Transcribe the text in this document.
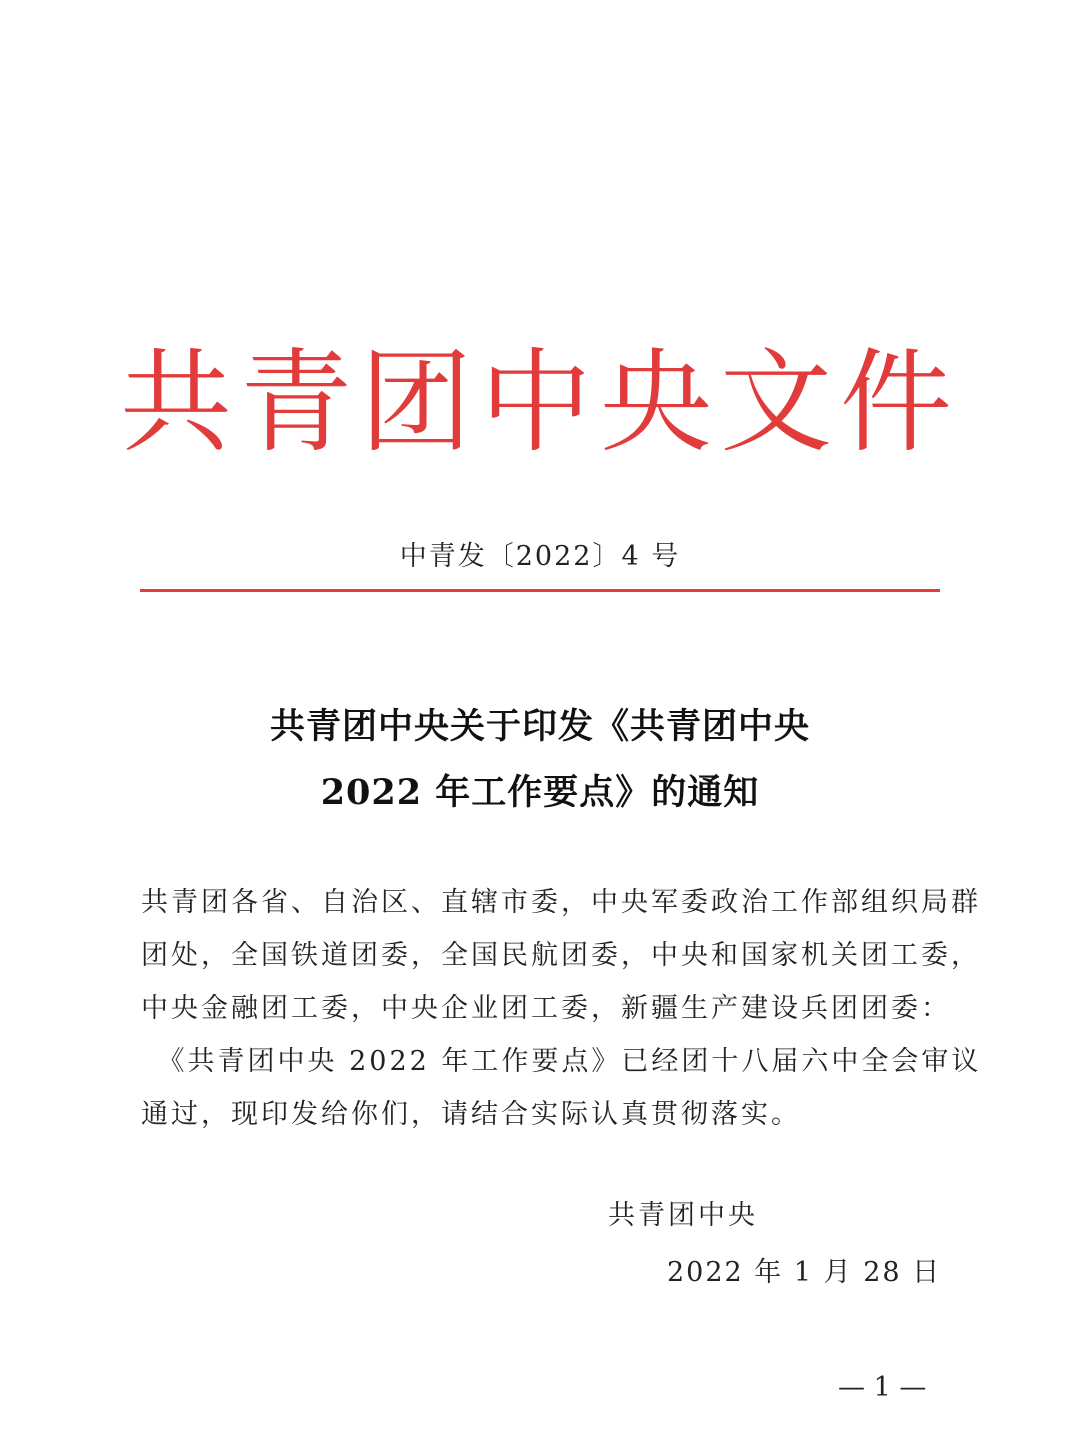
共青团中央文件
中青发〔2022〕4 号
共青团中央关于印发《共青团中央
2022 年工作要点》的通知

共青团各省、自治区、直辖市委，中央军委政治工作部组织局群

团处，全国铁道团委，全国民航团委，中央和国家机关团工委，

中央金融团工委，中央企业团工委，新疆生产建设兵团团委：

　《共青团中央 2022 年工作要点》已经团十八届六中全会审议

通过，现印发给你们，请结合实际认真贯彻落实。

共青团中央
2022 年 1 月 28 日
— 1 —
